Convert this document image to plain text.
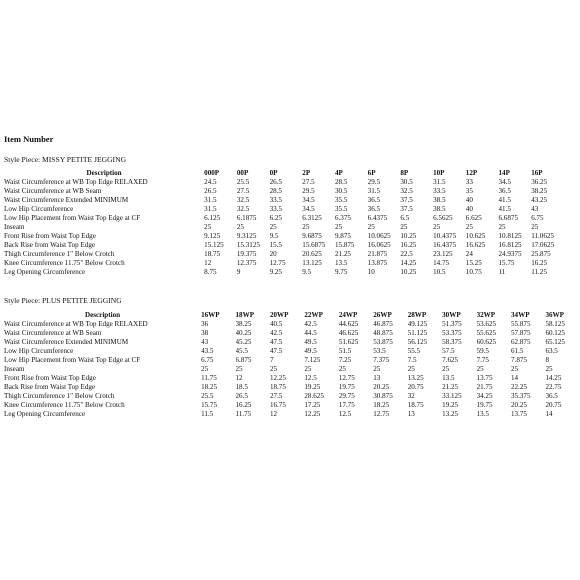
Item Number
Style Piece: MISSY PETITE JEGGING
Description	000P	00P	0P	2P	4P	6P	8P	10P	12P	14P	16P
Waist Circumference at WB Top Edge RELAXED	24.5	25.5	26.5	27.5	28.5	29.5	30.5	31.5	33	34.5	36.25
Waist Circumference at WB Seam	26.5	27.5	28.5	29.5	30.5	31.5	32.5	33.5	35	36.5	38.25
Waist Circumference Extended MINIMUM	31.5	32.5	33.5	34.5	35.5	36.5	37.5	38.5	40	41.5	43.25
Low Hip Circumference	31.5	32.5	33.5	34.5	35.5	36.5	37.5	38.5	40	41.5	43
Low Hip Placement from Waist Top Edge at CF	6.125	6.1875	6.25	6.3125	6.375	6.4375	6.5	6.5625	6.625	6.6875	6.75
Inseam	25	25	25	25	25	25	25	25	25	25	25
Front Rise from Waist Top Edge	9.125	9.3125	9.5	9.6875	9.875	10.0625	10.25	10.4375	10.625	10.8125	11.0625
Back Rise from Waist Top Edge	15.125	15.3125	15.5	15.6875	15.875	16.0625	16.25	16.4375	16.625	16.8125	17.0625
Thigh Circumference 1" Below Crotch	18.75	19.375	20	20.625	21.25	21.875	22.5	23.125	24	24.9375	25.875
Knee Circumference 11.75" Below Crotch	12	12.375	12.75	13.125	13.5	13.875	14.25	14.75	15.25	15.75	16.25
Leg Opening Circumference	8.75	9	9.25	9.5	9.75	10	10.25	10.5	10.75	11	11.25
Style Piece: PLUS PETITE JEGGING
Description	16WP	18WP	20WP	22WP	24WP	26WP	28WP	30WP	32WP	34WP	36WP
Waist Circumference at WB Top Edge RELAXED	36	38.25	40.5	42.5	44.625	46.875	49.125	51.375	53.625	55.875	58.125
Waist Circumference at WB Seam	38	40.25	42.5	44.5	46.625	48.875	51.125	53.375	55.625	57.875	60.125
Waist Circumference Extended MINIMUM	43	45.25	47.5	49.5	51.625	53.875	56.125	58.375	60.625	62.875	65.125
Low Hip Circumference	43.5	45.5	47.5	49.5	51.5	53.5	55.5	57.5	59.5	61.5	63.5
Low Hip Placement from Waist Top Edge at CF	6.75	6.875	7	7.125	7.25	7.375	7.5	7.625	7.75	7.875	8
Inseam	25	25	25	25	25	25	25	25	25	25	25
Front Rise from Waist Top Edge	11.75	12	12.25	12.5	12.75	13	13.25	13.5	13.75	14	14.25
Back Rise from Waist Top Edge	18.25	18.5	18.75	19.25	19.75	20.25	20.75	21.25	21.75	22.25	22.75
Thigh Circumference 1" Below Crotch	25.5	26.5	27.5	28.625	29.75	30.875	32	33.125	34.25	35.375	36.5
Knee Circumference 11.75" Below Crotch	15.75	16.25	16.75	17.25	17.75	18.25	18.75	19.25	19.75	20.25	20.75
Leg Opening Circumference	11.5	11.75	12	12.25	12.5	12.75	13	13.25	13.5	13.75	14
